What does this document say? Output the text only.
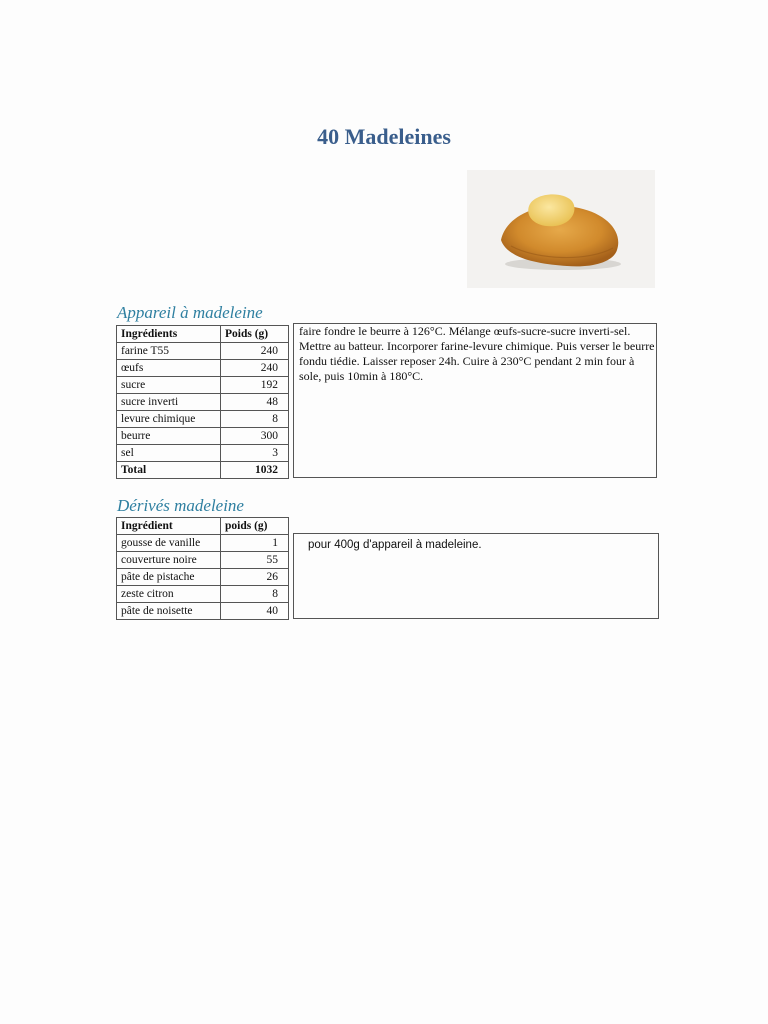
40 Madeleines
Appareil à madeleine
Ingrédients	Poids (g)
farine T55	240
œufs	240
sucre	192
sucre inverti	48
levure chimique	8
beurre	300
sel	3
Total	1032
faire fondre le beurre à 126°C. Mélange œufs-sucre-sucre inverti-sel. Mettre au batteur. Incorporer farine-levure chimique. Puis verser le beurre fondu tiédie. Laisser reposer 24h. Cuire à 230°C pendant 2 min four à sole, puis 10min à 180°C.
Dérivés madeleine
Ingrédient	poids (g)
gousse de vanille	1
couverture noire	55
pâte de pistache	26
zeste citron	8
pâte de noisette	40
pour 400g d'appareil à madeleine.
